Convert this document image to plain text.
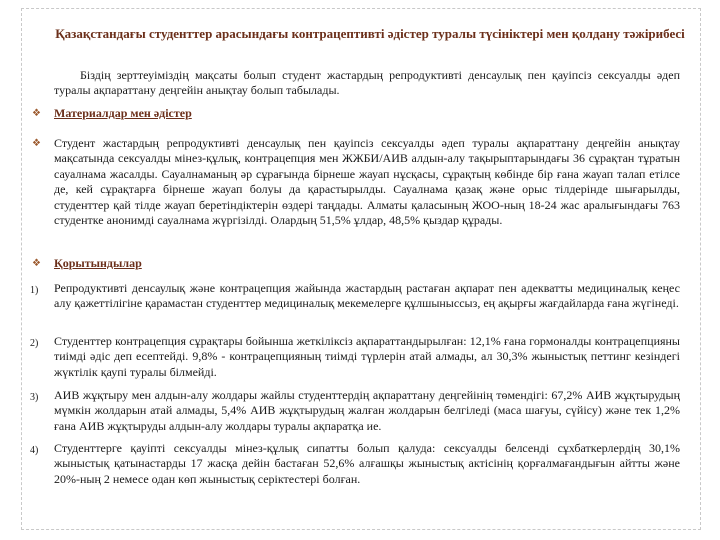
Қазақстандағы студенттер арасындағы контрацептивті әдістер туралы түсініктері мен қолдану тәжірибесі

Біздің зерттеуіміздің мақсаты болып студент жастардың репродуктивті денсаулық пен қауіпсіз сексуалды әдеп туралы ақпараттану деңгейін анықтау болып табылады.

❖ Материалдар мен әдістер
❖ Студент жастардың репродуктивті денсаулық пен қауіпсіз сексуалды әдеп туралы ақпараттану деңгейін анықтау мақсатында сексуалды мінез-құлық, контрацепция мен ЖЖБИ/АИВ алдын-алу тақырыптарындағы 36 сұрақтан тұратын сауалнама жасалды. Сауалнаманың әр сұрағында бірнеше жауап нұсқасы, сұрақтың көбінде бір ғана жауап талап етілсе де, кей сұрақтарға бірнеше жауап болуы да қарастырылды. Сауалнама қазақ және орыс тілдерінде шығарылды, студенттер қай тілде жауап беретіндіктерін өздері таңдады. Алматы қаласының ЖОО-ның 18-24 жас аралығындағы 763 студентке анонимді сауалнама жүргізілді. Олардың 51,5% ұлдар, 48,5% қыздар құрады.

❖ Қорытындылар
1) Репродуктивті денсаулық және контрацепция жайында жастардың растаған ақпарат пен адекватты медициналық кеңес алу қажеттілігіне қарамастан студенттер медициналық мекемелерге құлшыныссыз, ең ақырғы жағдайларда ғана жүгінеді.

2) Студенттер контрацепция сұрақтары бойынша жеткіліксіз ақпараттандырылған: 12,1% ғана гормоналды контрацепцияны тиімді әдіс деп есептейді. 9,8% - контрацепцияның тиімді түрлерін атай алмады, ал 30,3% жыныстық петтинг кезіндегі жүктілік қаупі туралы білмейді.

3) АИВ жұқтыру мен алдын-алу жолдары жайлы студенттердің ақпараттану деңгейінің төмендігі: 67,2% АИВ жұқтырудың мүмкін жолдарын атай алмады, 5,4% АИВ жұқтырудың жалған жолдарын белгіледі (маса шағуы, сүйісу) және тек 1,2% ғана АИВ жұқтыруды алдын-алу жолдары туралы ақпаратқа ие.

4) Студенттерге қауіпті сексуалды мінез-құлық сипатты болып қалуда: сексуалды белсенді сұхбаткерлердің 30,1% жыныстық қатынастарды 17 жасқа дейін бастаған 52,6% алғашқы жыныстық актісінің қорғалмағандығын айтты және 20%-ның 2 немесе одан көп жыныстық серіктестері болған.
